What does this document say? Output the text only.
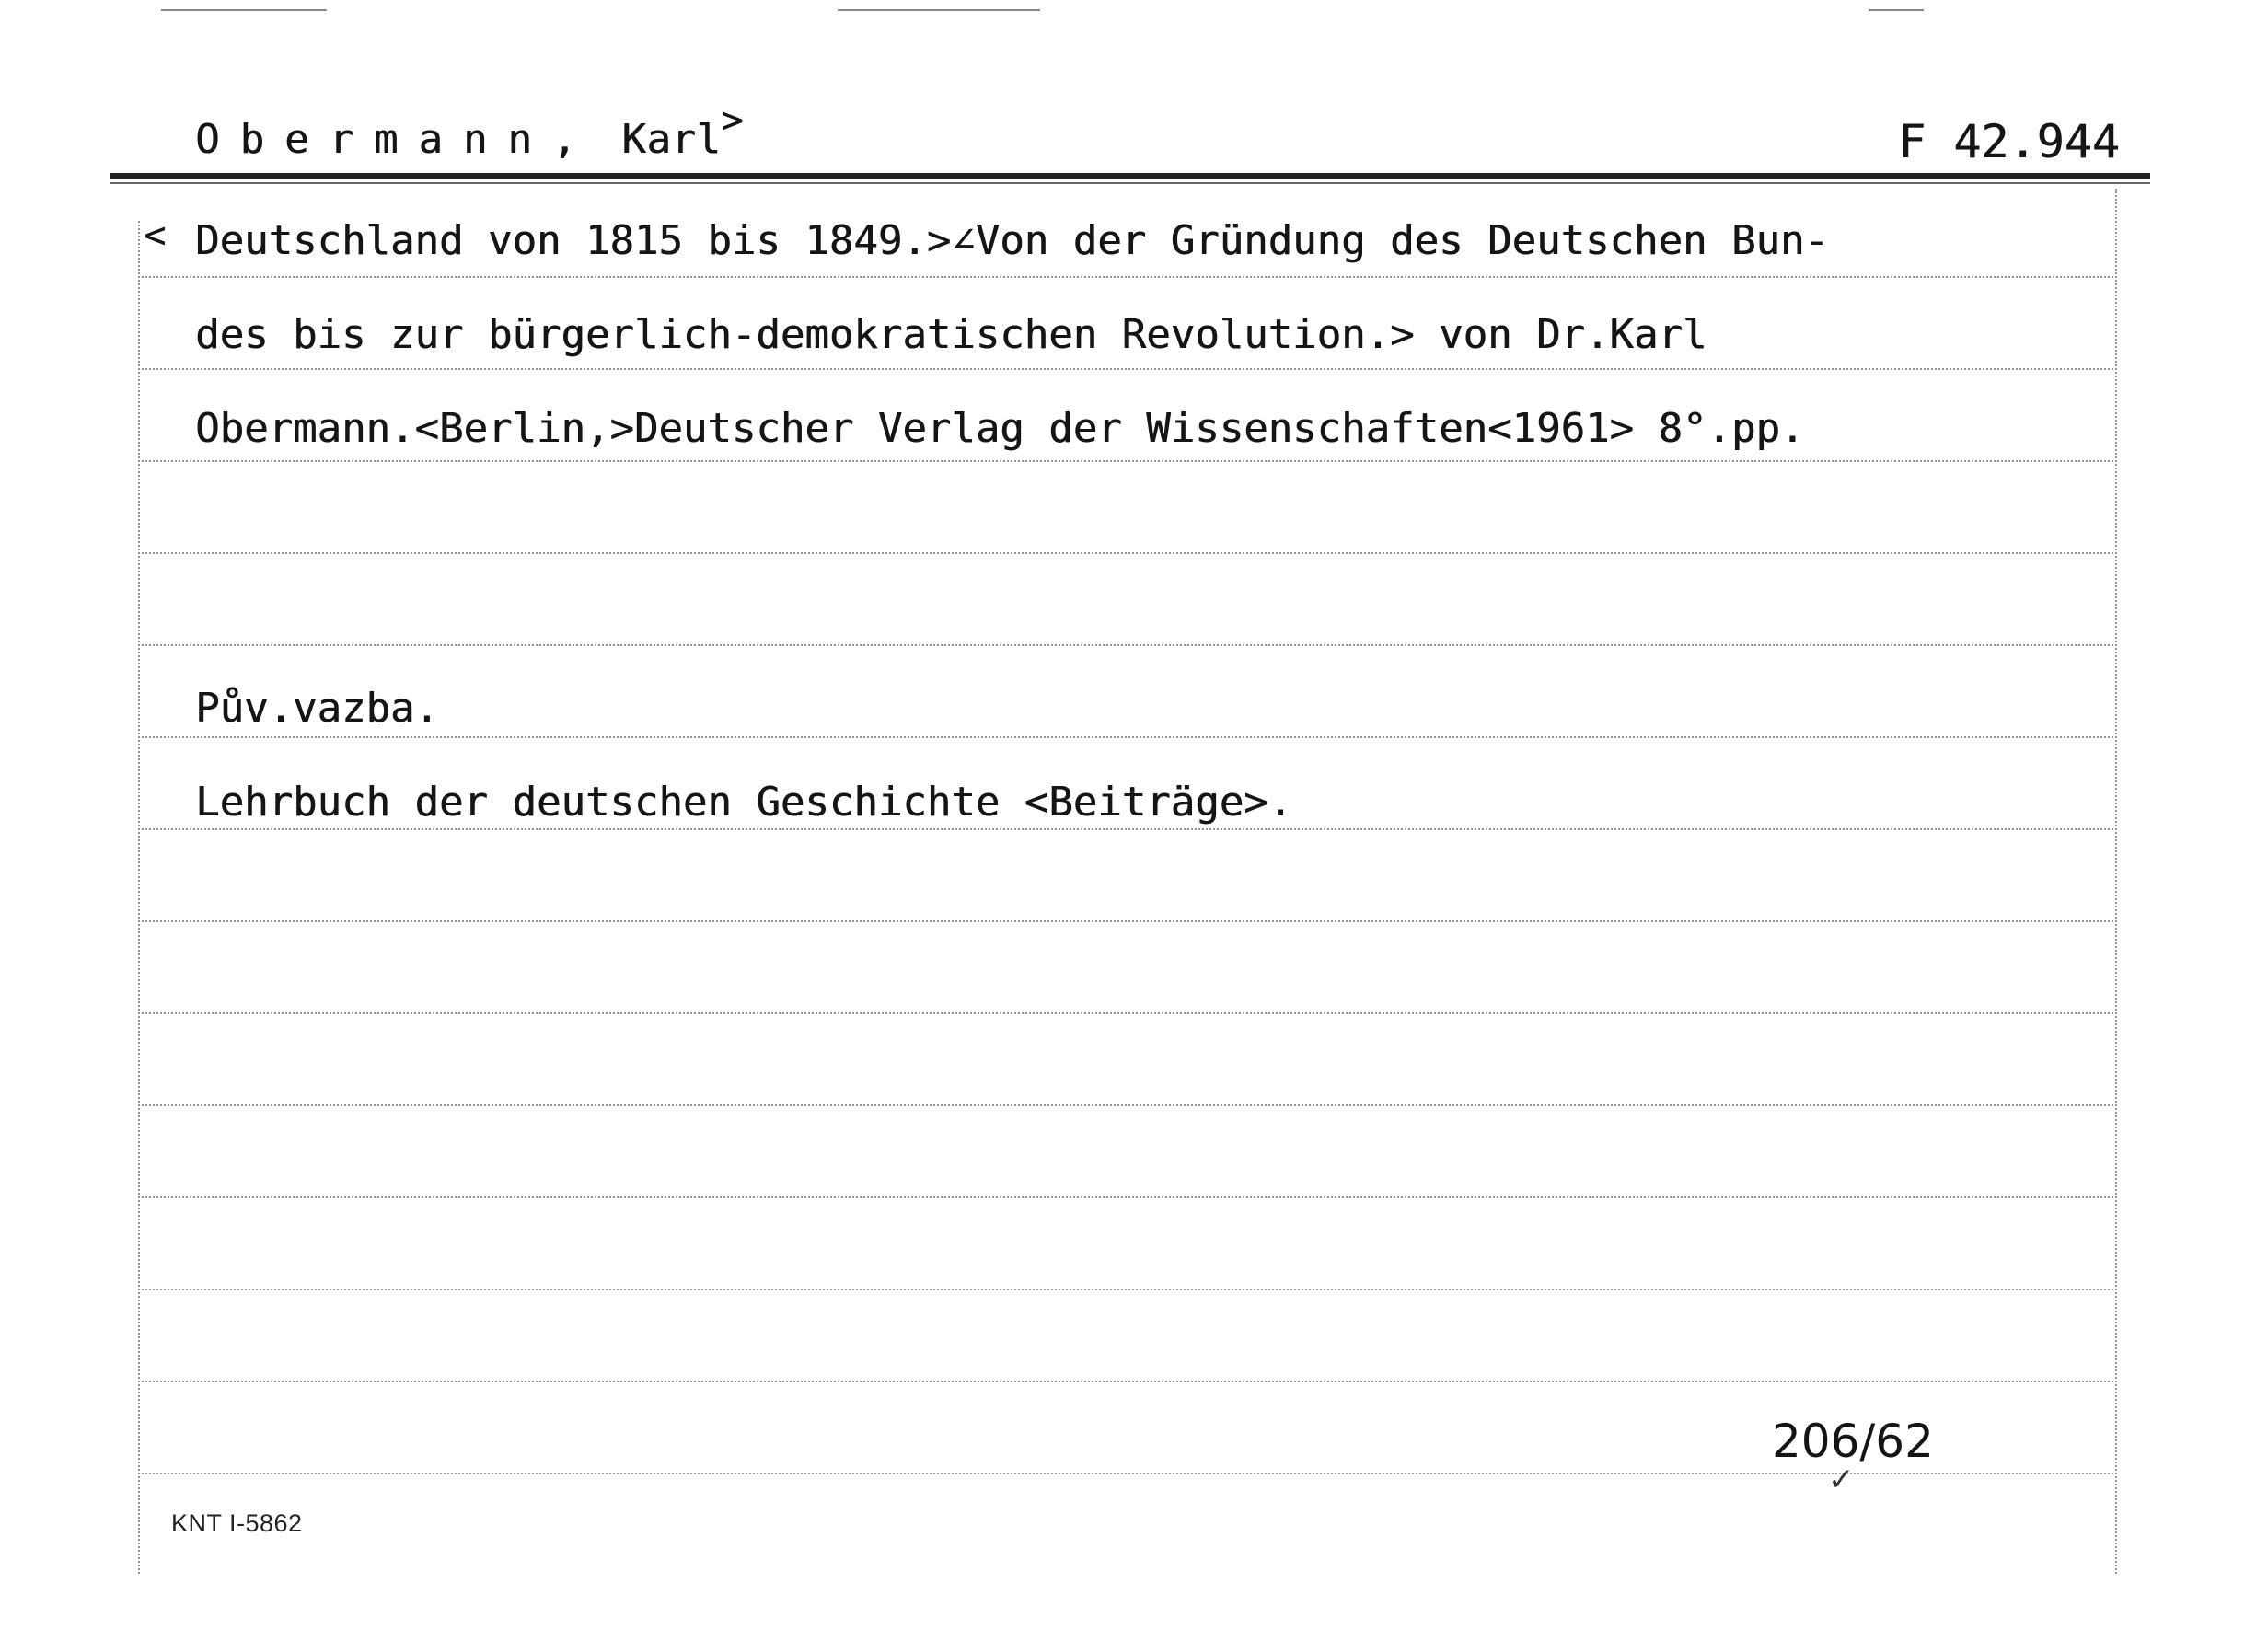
Obermann, Karl>	F 42.944
< Deutschland von 1815 bis 1849.>∠Von der Gründung des Deutschen Bun-
des bis zur bürgerlich-demokratischen Revolution.> von Dr.Karl
Obermann.<Berlin,>Deutscher Verlag der Wissenschaften<1961> 8°.pp.
Pův.vazba.
Lehrbuch der deutschen Geschichte <Beiträge>.
206/62
✓
KNT I-5862
